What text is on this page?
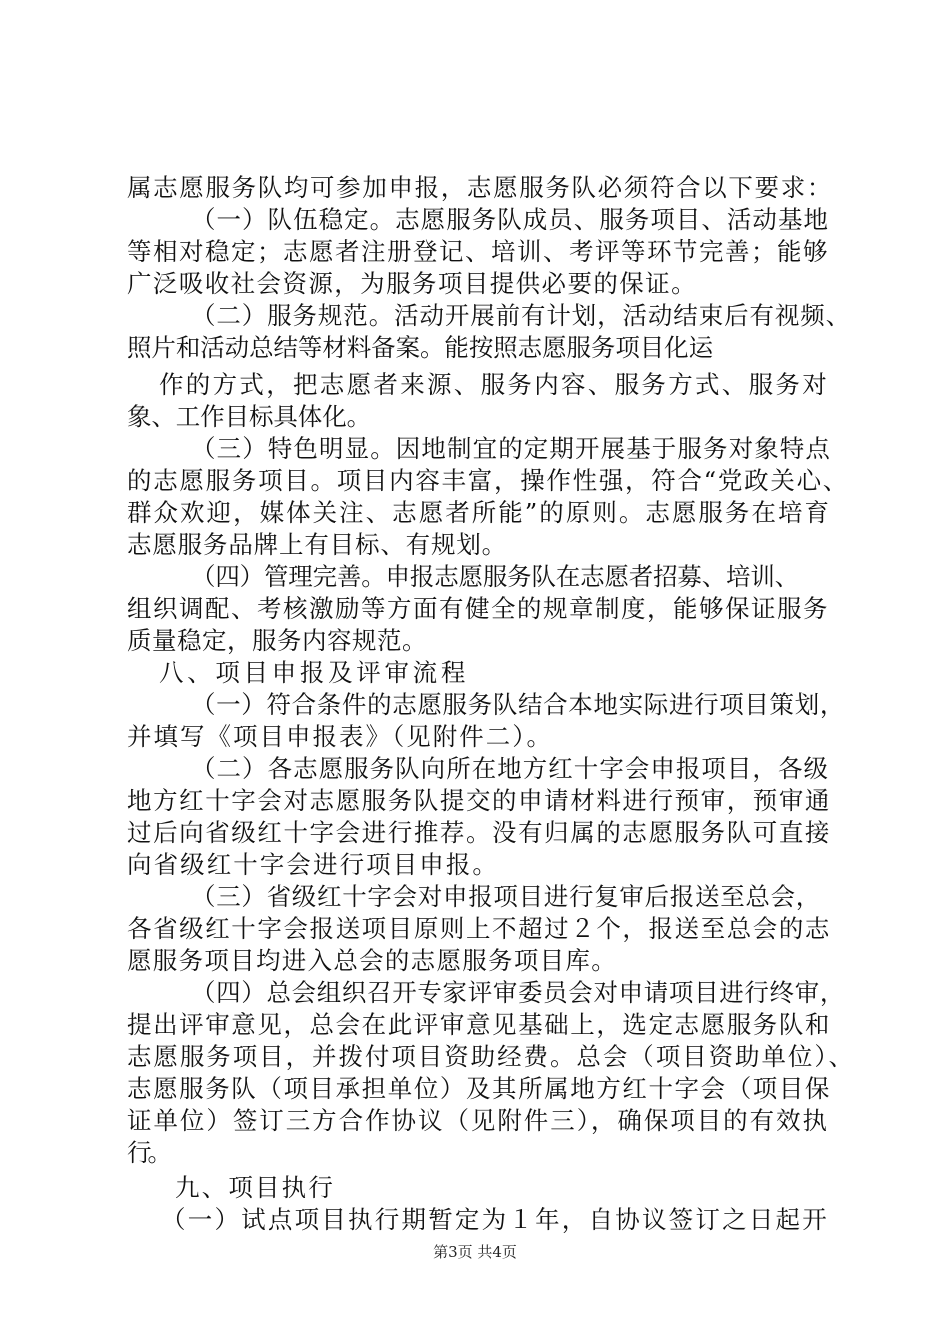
属志愿服务队均可参加申报，志愿服务队必须符合以下要求：
（一）队伍稳定。志愿服务队成员、服务项目、活动基地
等相对稳定；志愿者注册登记、培训、考评等环节完善；能够
广泛吸收社会资源，为服务项目提供必要的保证。
（二）服务规范。活动开展前有计划，活动结束后有视频、
照片和活动总结等材料备案。能按照志愿服务项目化运
作的方式，把志愿者来源、服务内容、服务方式、服务对
象、工作目标具体化。
（三）特色明显。因地制宜的定期开展基于服务对象特点
的志愿服务项目。项目内容丰富，操作性强，符合“党政关心、
群众欢迎，媒体关注、志愿者所能”的原则。志愿服务在培育
志愿服务品牌上有目标、有规划。
（四）管理完善。申报志愿服务队在志愿者招募、培训、
组织调配、考核激励等方面有健全的规章制度，能够保证服务
质量稳定，服务内容规范。
八、项目申报及评审流程
（一）符合条件的志愿服务队结合本地实际进行项目策划，
并填写《项目申报表》（见附件二）。
（二）各志愿服务队向所在地方红十字会申报项目，各级
地方红十字会对志愿服务队提交的申请材料进行预审，预审通
过后向省级红十字会进行推荐。没有归属的志愿服务队可直接
向省级红十字会进行项目申报。
（三）省级红十字会对申报项目进行复审后报送至总会，
各省级红十字会报送项目原则上不超过２个，报送至总会的志
愿服务项目均进入总会的志愿服务项目库。
（四）总会组织召开专家评审委员会对申请项目进行终审，
提出评审意见，总会在此评审意见基础上，选定志愿服务队和
志愿服务项目，并拨付项目资助经费。总会（项目资助单位）、
志愿服务队（项目承担单位）及其所属地方红十字会（项目保
证单位）签订三方合作协议（见附件三），确保项目的有效执
行。
九、项目执行
（一）试点项目执行期暂定为１年，自协议签订之日起开
第3页 共4页
